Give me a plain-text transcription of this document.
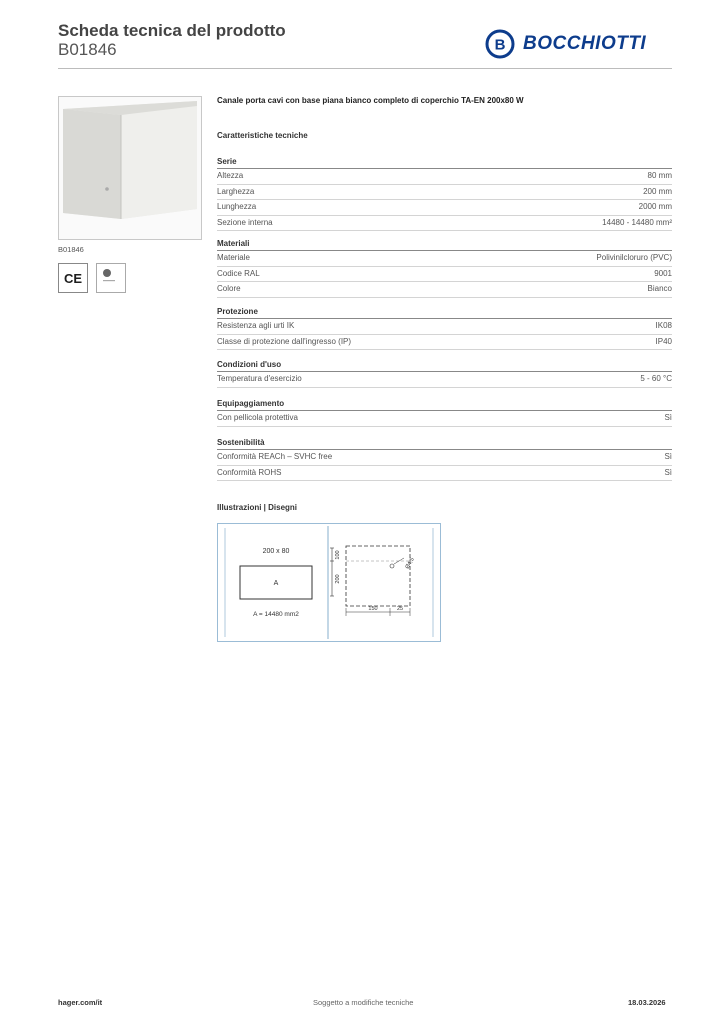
Scheda tecnica del prodotto
B01846	B BOCCHIOTTI
B01846
CE
Canale porta cavi con base piana bianco completo di coperchio TA-EN 200x80 W
Caratteristiche tecniche
Serie
Altezza	80 mm
Larghezza	200 mm
Lunghezza	2000 mm
Sezione interna	14480 - 14480 mm²
Materiali
Materiale	Polivinilcloruro (PVC)
Codice RAL	9001
Colore	Bianco
Protezione
Resistenza agli urti IK	IK08
Classe di protezione dall'ingresso (IP)	IP40
Condizioni d'uso
Temperatura d'esercizio	5 - 60 °C
Equipaggiamento
Con pellicola protettiva	Sì
Sostenibilità
Conformità REACh – SVHC free	Sì
Conformità ROHS	Sì
Illustrazioni | Disegni
200 x 80
A
A = 14480 mm2
100
200
Ø4,5
150	25
hager.com/it	Soggetto a modifiche tecniche	18.03.2026
